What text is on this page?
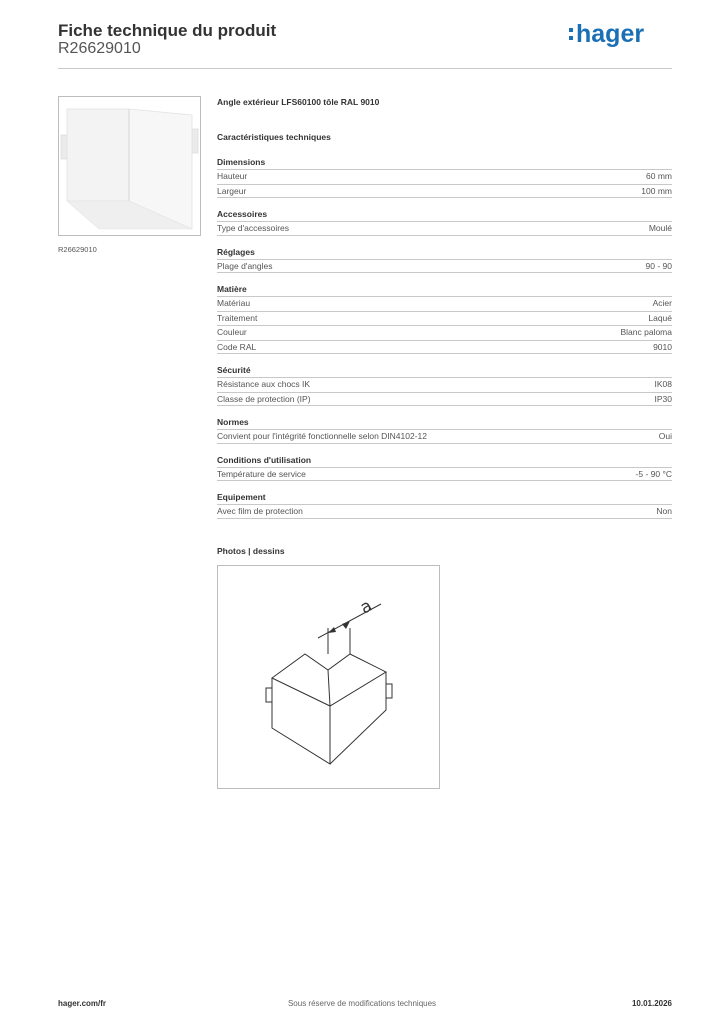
Fiche technique du produit
R26629010
hager
R26629010
Angle extérieur LFS60100 tôle RAL 9010
Caractéristiques techniques
Dimensions
Hauteur	60 mm
Largeur	100 mm
Accessoires
Type d'accessoires	Moulé
Réglages
Plage d'angles	90 - 90
Matière
Matériau	Acier
Traitement	Laqué
Couleur	Blanc paloma
Code RAL	9010
Sécurité
Résistance aux chocs IK	IK08
Classe de protection (IP)	IP30
Normes
Convient pour l'intégrité fonctionnelle selon DIN4102-12	Oui
Conditions d'utilisation
Température de service	-5 - 90 °C
Equipement
Avec film de protection	Non
Photos | dessins
a
Sous réserve de modifications techniques
hager.com/fr	10.01.2026
